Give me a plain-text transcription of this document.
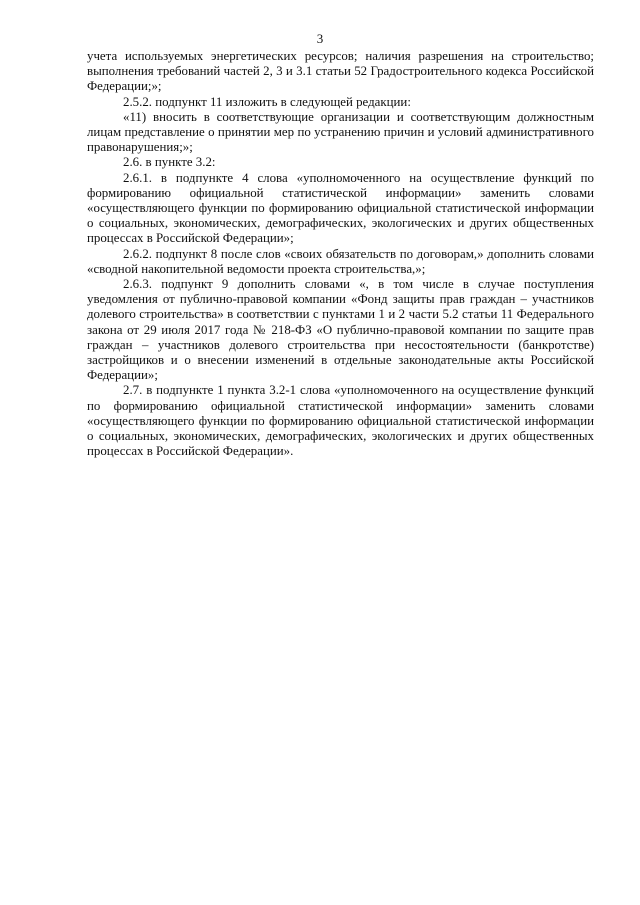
3

учета используемых энергетических ресурсов; наличия разрешения на строительство; выполнения требований частей 2, 3 и 3.1 статьи 52 Градостроительного кодекса Российской Федерации;»;

2.5.2. подпункт 11 изложить в следующей редакции:

«11) вносить в соответствующие организации и соответствующим должностным лицам представление о принятии мер по устранению причин и условий административного правонарушения;»;

2.6. в пункте 3.2:

2.6.1. в подпункте 4 слова «уполномоченного на осуществление функций по формированию официальной статистической информации» заменить словами «осуществляющего функции по формированию официальной статистической информации о социальных, экономических, демографических, экологических и других общественных процессах в Российской Федерации»;

2.6.2. подпункт 8 после слов «своих обязательств по договорам,» дополнить словами «сводной накопительной ведомости проекта строительства,»;

2.6.3. подпункт 9 дополнить словами «, в том числе в случае поступления уведомления от публично-правовой компании «Фонд защиты прав граждан – участников долевого строительства» в соответствии с пунктами 1 и 2 части 5.2 статьи 11 Федерального закона от 29 июля 2017 года № 218-ФЗ «О публично-правовой компании по защите прав граждан – участников долевого строительства при несостоятельности (банкротстве) застройщиков и о внесении изменений в отдельные законодательные акты Российской Федерации»;

2.7. в подпункте 1 пункта 3.2-1 слова «уполномоченного на осуществление функций по формированию официальной статистической информации» заменить словами «осуществляющего функции по формированию официальной статистической информации о социальных, экономических, демографических, экологических и других общественных процессах в Российской Федерации».
